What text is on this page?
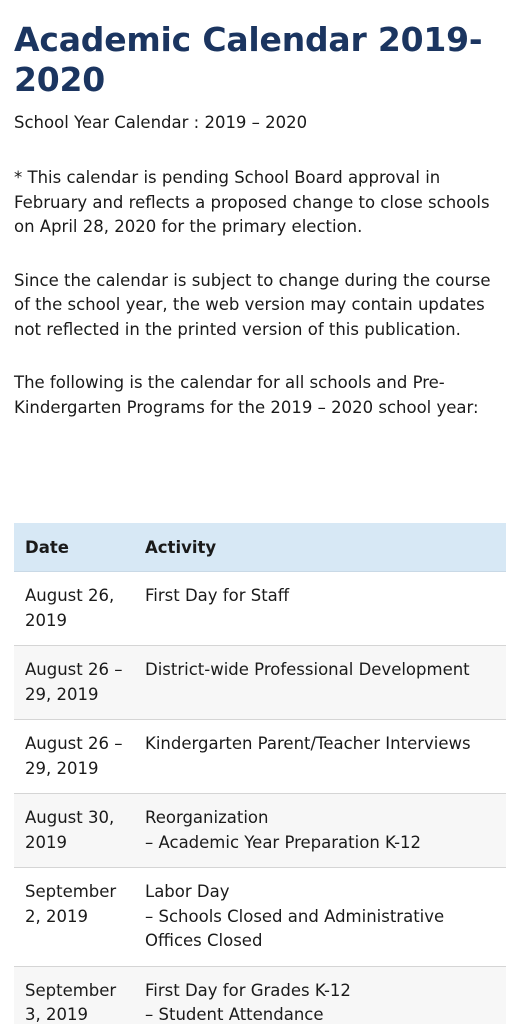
Academic Calendar 2019-2020

School Year Calendar : 2019 – 2020

* This calendar is pending School Board approval in February and reflects a proposed change to close schools on April 28, 2020 for the primary election.

Since the calendar is subject to change during the course of the school year, the web version may contain updates not reflected in the printed version of this publication.

The following is the calendar for all schools and Pre-Kindergarten Programs for the 2019 – 2020 school year:

Date	Activity
August 26, 2019	First Day for Staff

August 26 – 29, 2019	District-wide Professional Development

August 26 – 29, 2019	Kindergarten Parent/Teacher Interviews

August 30, 2019	Reorganization
– Academic Year Preparation K-12

September 2, 2019	Labor Day
– Schools Closed and Administrative Offices Closed

September 3, 2019	First Day for Grades K-12
– Student Attendance
